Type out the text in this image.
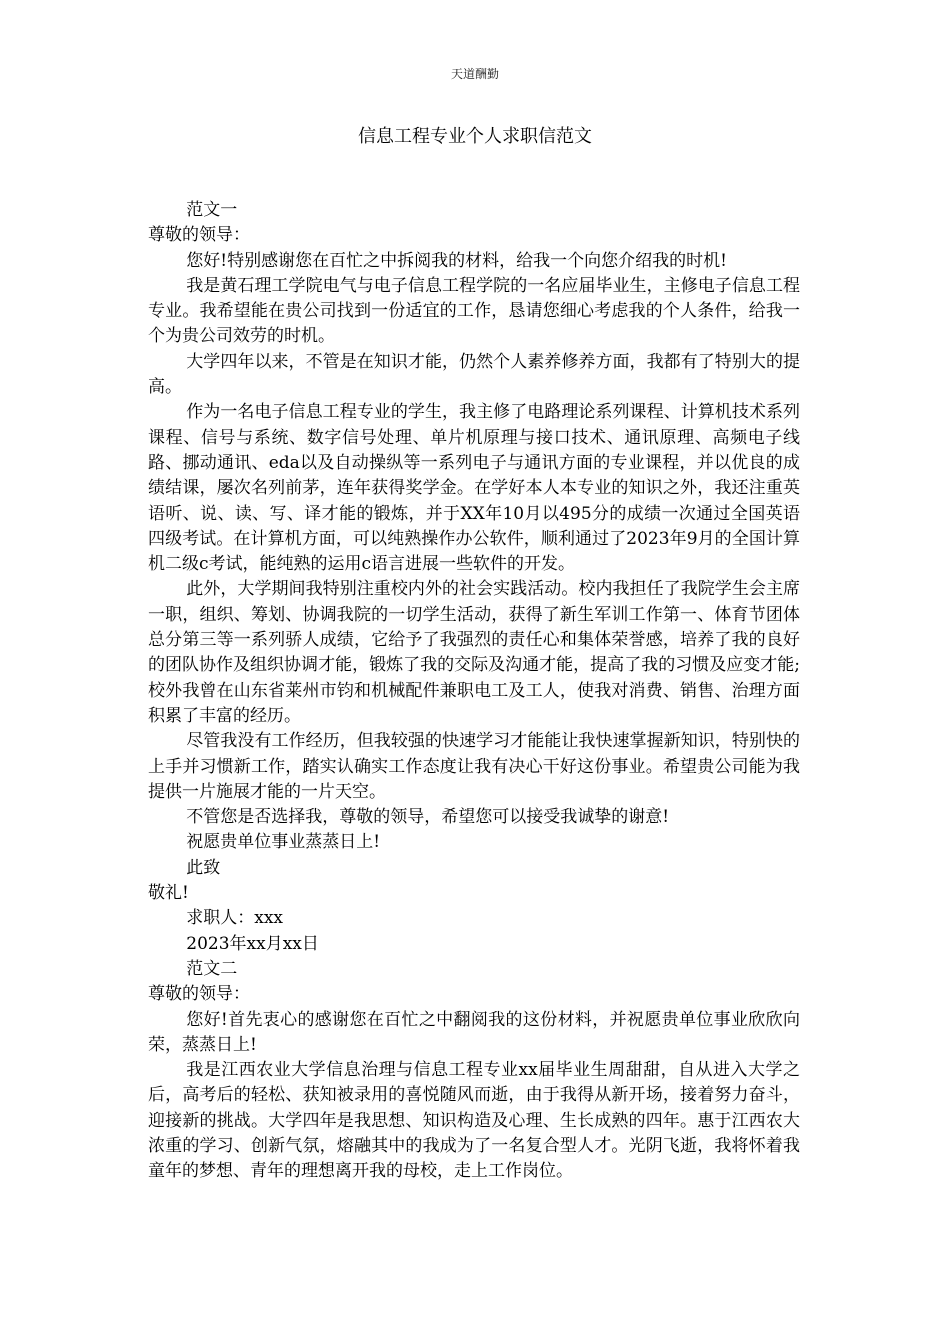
天道酬勤
信息工程专业个人求职信范文

范文一

尊敬的领导：

您好!特别感谢您在百忙之中拆阅我的材料，给我一个向您介绍我的时机!

我是黄石理工学院电气与电子信息工程学院的一名应届毕业生，主修电子信息工程专业。我希望能在贵公司找到一份适宜的工作，恳请您细心考虑我的个人条件，给我一个为贵公司效劳的时机。

大学四年以来，不管是在知识才能，仍然个人素养修养方面，我都有了特别大的提高。

作为一名电子信息工程专业的学生，我主修了电路理论系列课程、计算机技术系列课程、信号与系统、数字信号处理、单片机原理与接口技术、通讯原理、高频电子线路、挪动通讯、eda以及自动操纵等一系列电子与通讯方面的专业课程，并以优良的成绩结课，屡次名列前茅，连年获得奖学金。在学好本人本专业的知识之外，我还注重英语听、说、读、写、译才能的锻炼，并于XX年10月以495分的成绩一次通过全国英语四级考试。在计算机方面，可以纯熟操作办公软件，顺利通过了2023年9月的全国计算机二级c考试，能纯熟的运用c语言进展一些软件的开发。

此外，大学期间我特别注重校内外的社会实践活动。校内我担任了我院学生会主席一职，组织、筹划、协调我院的一切学生活动，获得了新生军训工作第一、体育节团体总分第三等一系列骄人成绩，它给予了我强烈的责任心和集体荣誉感，培养了我的良好的团队协作及组织协调才能，锻炼了我的交际及沟通才能，提高了我的习惯及应变才能;校外我曾在山东省莱州市钧和机械配件兼职电工及工人，使我对消费、销售、治理方面积累了丰富的经历。

尽管我没有工作经历，但我较强的快速学习才能能让我快速掌握新知识，特别快的上手并习惯新工作，踏实认确实工作态度让我有决心干好这份事业。希望贵公司能为我提供一片施展才能的一片天空。

不管您是否选择我，尊敬的领导，希望您可以接受我诚挚的谢意!

祝愿贵单位事业蒸蒸日上!

此致

敬礼!

求职人：xxx

2023年xx月xx日

范文二

尊敬的领导：

您好!首先衷心的感谢您在百忙之中翻阅我的这份材料，并祝愿贵单位事业欣欣向荣，蒸蒸日上!

我是江西农业大学信息治理与信息工程专业xx届毕业生周甜甜，自从进入大学之后，高考后的轻松、获知被录用的喜悦随风而逝，由于我得从新开场，接着努力奋斗，迎接新的挑战。大学四年是我思想、知识构造及心理、生长成熟的四年。惠于江西农大浓重的学习、创新气氛，熔融其中的我成为了一名复合型人才。光阴飞逝，我将怀着我童年的梦想、青年的理想离开我的母校，走上工作岗位。
